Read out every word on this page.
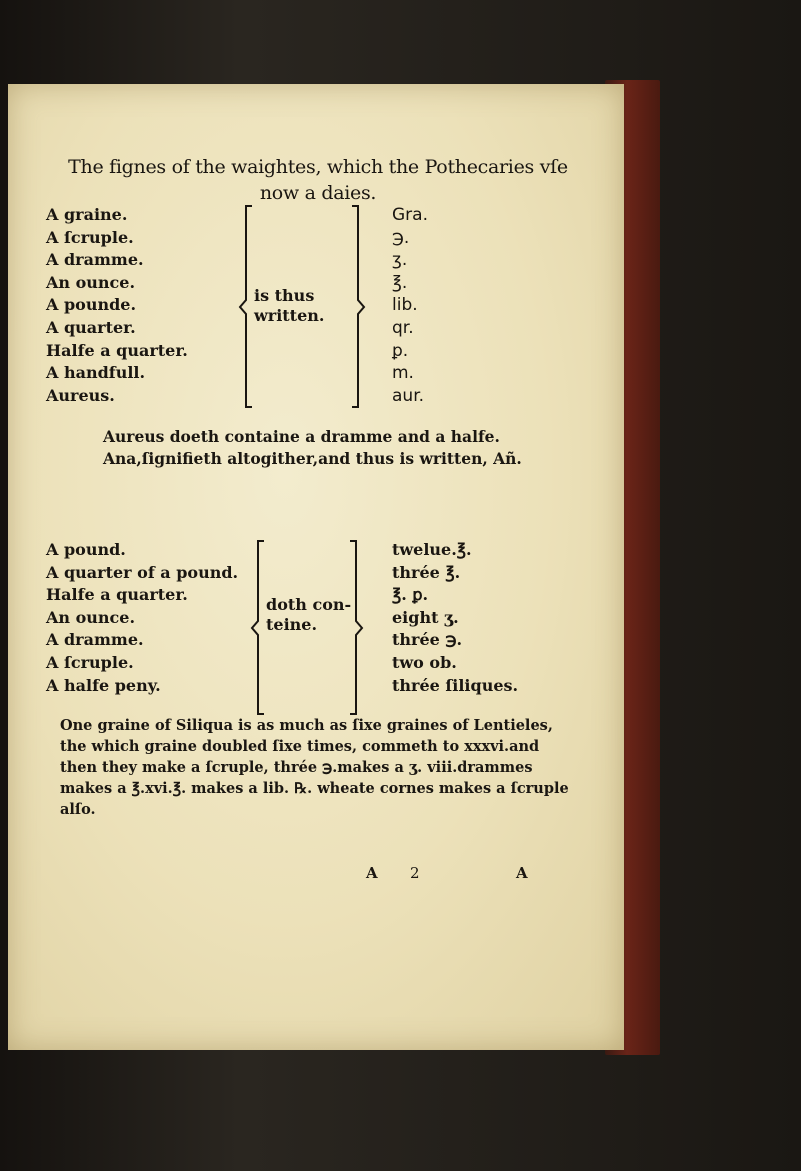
The fignes of the waightes, which the Pothecaries vſe
now a daies.
A graine.
A ſcruple.
A dramme.
An ounce.
A pounde.
A quarter.
Halfe a quarter.
A handfull.
Aureus.
is thus
written.
Gra.
℈.
ʒ.
℥.
lib.
qr.
ꝑ.
m.
aur.
Aureus doeth containe a dramme and a halfe. Ana,ſignifieth altogither,and thus is written, Añ.
A pound.
A quarter of a pound.
Halfe a quarter.
An ounce.
A dramme.
A ſcruple.
A halfe peny.
doth con-
teine.
twelue.℥.
thrée ℥.
℥. ꝑ.
eight ʒ.
thrée ℈.
two ob.
thrée ſiliques.
One graine of Siliqua is as much as ſixe graines of Lentieles, the which graine doubled ſixe times, commeth to xxxvi.and then they make a ſcruple, thrée ℈.makes a ʒ. viii.drammes makes a ℥.xvi.℥. makes a lib. ℞. wheate cornes makes a ſcruple alſo.
A 2	A
